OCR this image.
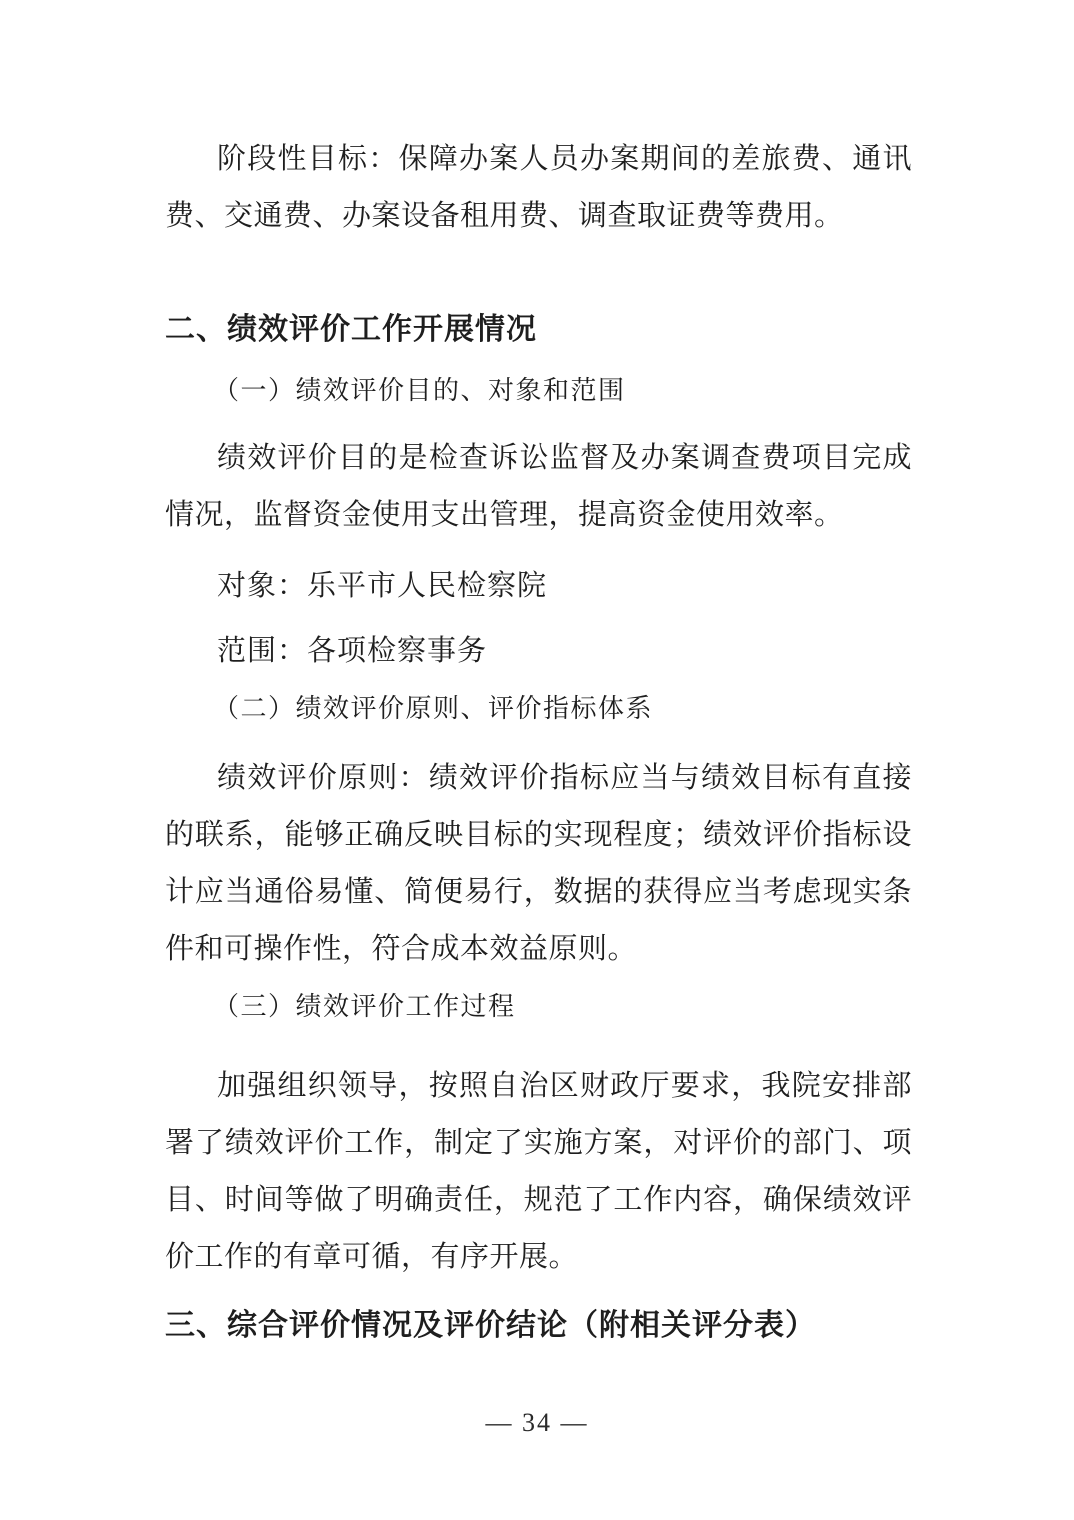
阶段性目标：保障办案人员办案期间的差旅费、通讯费、交通费、办案设备租用费、调查取证费等费用。

二、绩效评价工作开展情况

（一）绩效评价目的、对象和范围

绩效评价目的是检查诉讼监督及办案调查费项目完成情况，监督资金使用支出管理，提高资金使用效率。

对象：乐平市人民检察院

范围：各项检察事务

（二）绩效评价原则、评价指标体系

绩效评价原则：绩效评价指标应当与绩效目标有直接的联系，能够正确反映目标的实现程度；绩效评价指标设计应当通俗易懂、简便易行，数据的获得应当考虑现实条件和可操作性，符合成本效益原则。

（三）绩效评价工作过程

加强组织领导，按照自治区财政厅要求，我院安排部署了绩效评价工作，制定了实施方案，对评价的部门、项目、时间等做了明确责任，规范了工作内容，确保绩效评价工作的有章可循，有序开展。

三、综合评价情况及评价结论（附相关评分表）
— 34 —
